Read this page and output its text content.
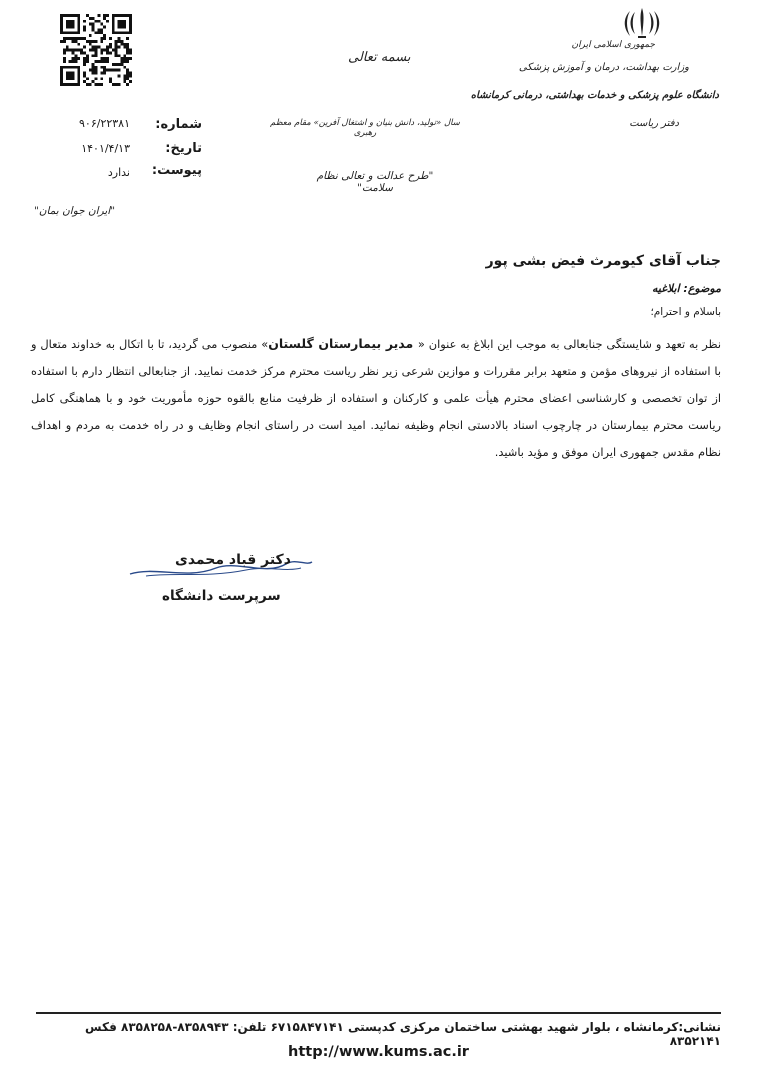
جمهوری اسلامی ایران
وزارت بهداشت، درمان و آموزش پزشکی
دانشگاه علوم پزشکی و خدمات بهداشتی، درمانی کرمانشاه
دفتر ریاست
بسمه تعالی
سال «تولید، دانش بنیان و اشتغال آفرین» مقام معظم رهبری
"طرح عدالت و تعالی نظام سلامت"
"ایران جوان بمان"
شماره:
۹۰۶/۲۲۳۸۱
تاریخ:
۱۴۰۱/۴/۱۳
پیوست:
ندارد
جناب آقای کیومرث فیض بشی پور
موضوع: ابلاغیه
باسلام و احترام؛
نظر به تعهد و شایستگی جنابعالی به موجب این ابلاغ به عنوان « مدیر بیمارستان گلستان» منصوب می گردید، تا با اتکال به خداوند متعال و با استفاده از نیروهای مؤمن و متعهد برابر مقررات و موازین شرعی زیر نظر ریاست محترم مرکز خدمت نمایید. از جنابعالی انتظار دارم با استفاده از توان تخصصی و کارشناسی اعضای محترم هیأت علمی و کارکنان و استفاده از ظرفیت منابع بالقوه حوزه مأموریت خود و با هماهنگی کامل ریاست محترم بیمارستان در چارچوب اسناد بالادستی انجام وظیفه نمائید. امید است در راستای انجام وظایف و در راه خدمت به مردم و اهداف نظام مقدس جمهوری ایران موفق و مؤید باشید.
دکتر قباد محمدی
سرپرست دانشگاه
نشانی:کرمانشاه ، بلوار شهید بهشتی ساختمان مرکزی کدپستی ۶۷۱۵۸۴۷۱۴۱ تلفن: ۸۳۵۸۹۴۳-۸۳۵۸۲۵۸ فکس ۸۳۵۲۱۴۱
http://www.kums.ac.ir
